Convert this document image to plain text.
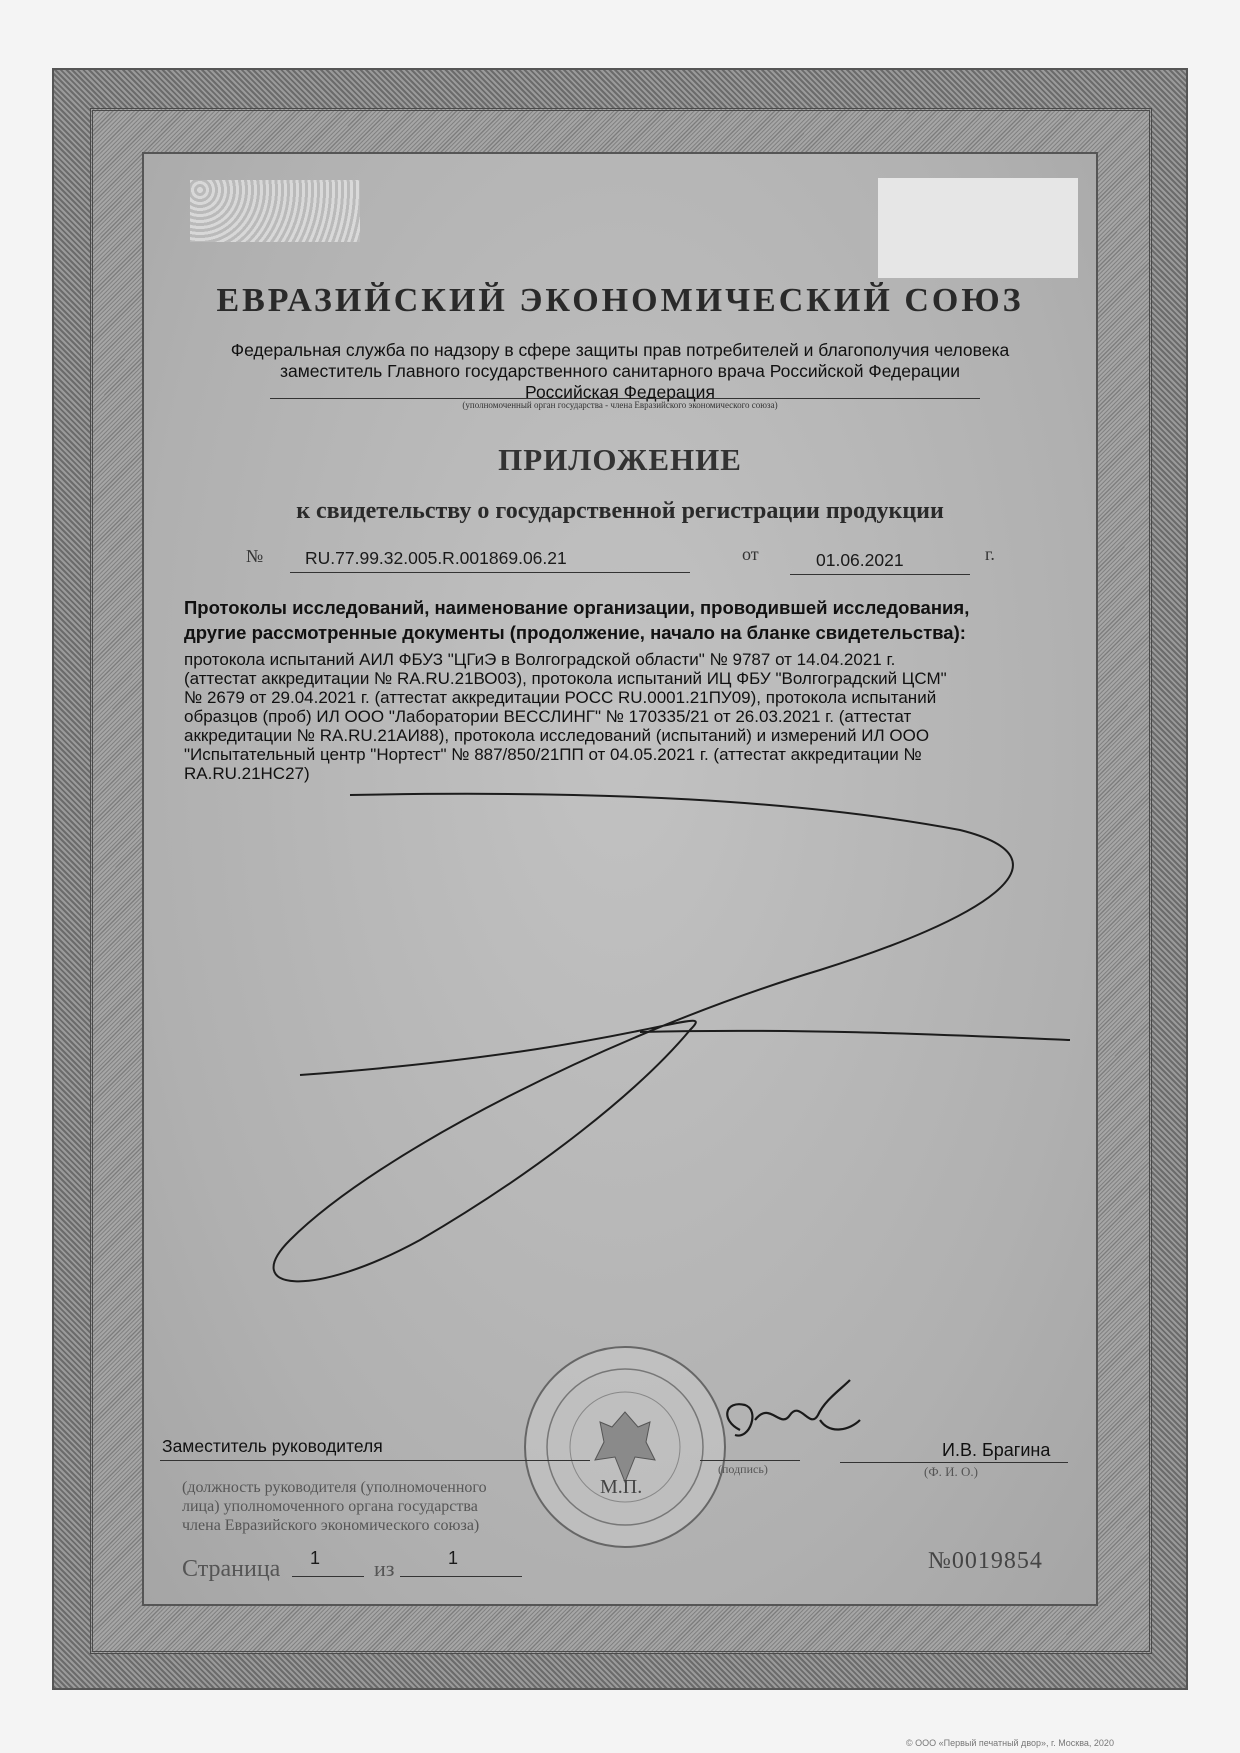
ЕВРАЗИЙСКИЙ ЭКОНОМИЧЕСКИЙ СОЮЗ
Федеральная служба по надзору в сфере защиты прав потребителей и благополучия человека
заместитель Главного государственного санитарного врача Российской Федерации
Российская Федерация
(уполномоченный орган государства - члена Евразийского экономического союза)
ПРИЛОЖЕНИЕ
к свидетельству о государственной регистрации продукции
№ RU.77.99.32.005.R.001869.06.21	от	01.06.2021	г.
Протоколы исследований, наименование организации, проводившей исследования,
другие рассмотренные документы (продолжение, начало на бланке свидетельства):
протокола испытаний АИЛ ФБУЗ "ЦГиЭ в Волгоградской области" № 9787 от 14.04.2021 г.
(аттестат аккредитации № RA.RU.21ВО03), протокола испытаний ИЦ ФБУ "Волгоградский ЦСМ"
№ 2679 от 29.04.2021 г. (аттестат аккредитации РОСС RU.0001.21ПУ09), протокола испытаний
образцов (проб) ИЛ ООО "Лаборатории ВЕССЛИНГ" № 170335/21 от 26.03.2021 г. (аттестат
аккредитации № RA.RU.21АИ88), протокола исследований (испытаний) и измерений ИЛ ООО
"Испытательный центр "Нортест" № 887/850/21ПП от 04.05.2021 г. (аттестат аккредитации №
RA.RU.21НС27)
М.П.
Заместитель руководителя
(должность руководителя (уполномоченного
лица) уполномоченного органа государства
члена Евразийского экономического союза)
(подпись)
И.В. Брагина
(Ф. И. О.)
Страница 1 из	1	№0019854
© ООО «Первый печатный двор», г. Москва, 2020
